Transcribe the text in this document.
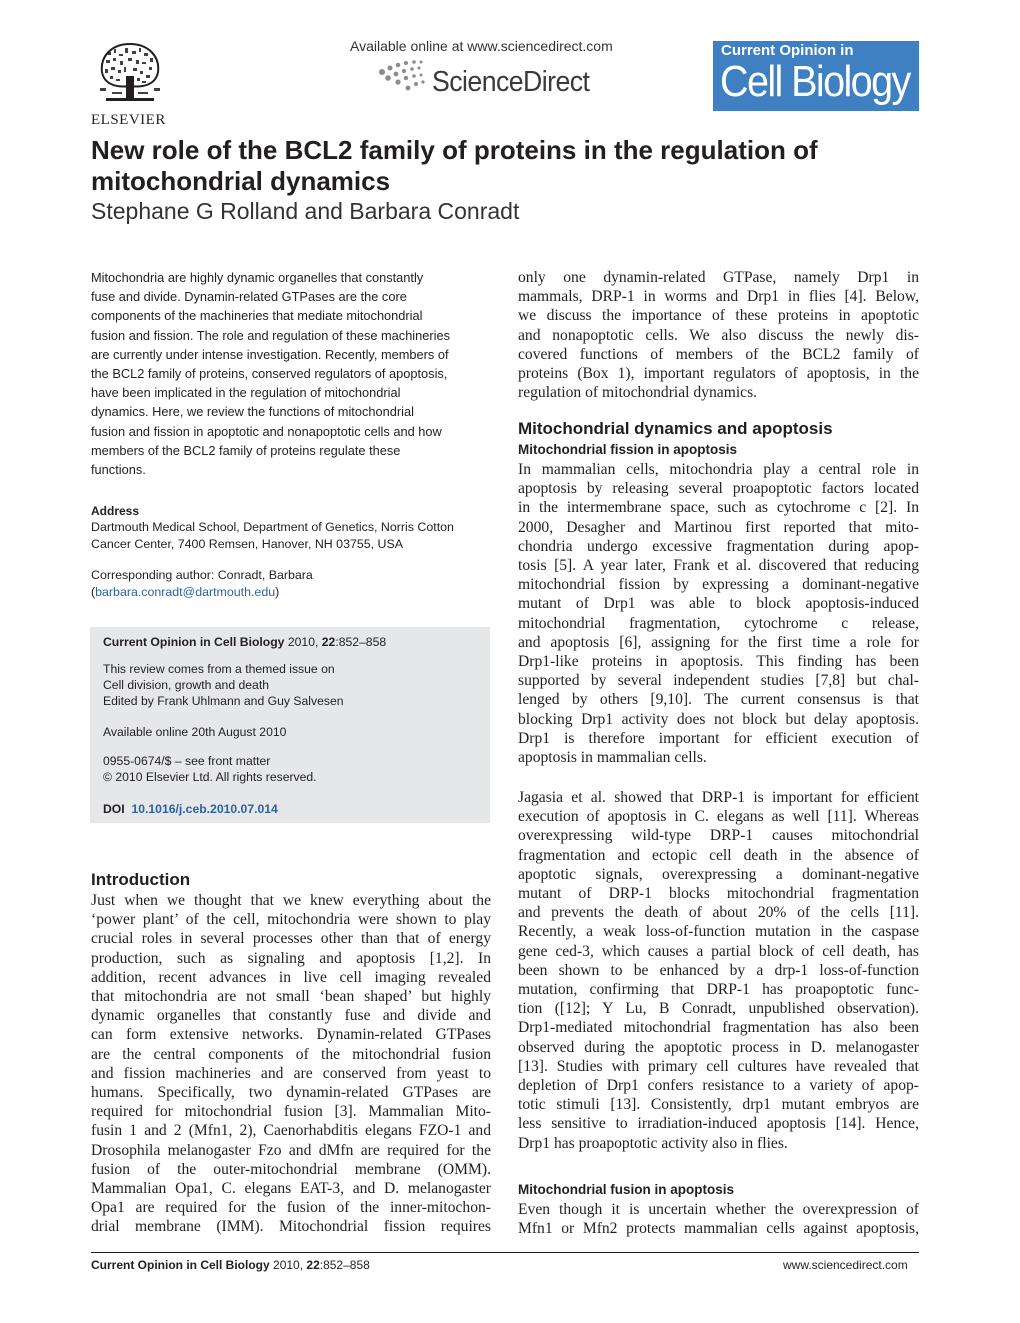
ELSEVIER
Available online at www.sciencedirect.com
ScienceDirect
Current Opinion in
Cell Biology
New role of the BCL2 family of proteins in the regulation of mitochondrial dynamics
Stephane G Rolland and Barbara Conradt
Mitochondria are highly dynamic organelles that constantly
fuse and divide. Dynamin-related GTPases are the core
components of the machineries that mediate mitochondrial
fusion and fission. The role and regulation of these machineries
are currently under intense investigation. Recently, members of
the BCL2 family of proteins, conserved regulators of apoptosis,
have been implicated in the regulation of mitochondrial
dynamics. Here, we review the functions of mitochondrial
fusion and fission in apoptotic and nonapoptotic cells and how
members of the BCL2 family of proteins regulate these
functions.
Address
Dartmouth Medical School, Department of Genetics, Norris Cotton
Cancer Center, 7400 Remsen, Hanover, NH 03755, USA
Corresponding author: Conradt, Barbara
(barbara.conradt@dartmouth.edu)
Current Opinion in Cell Biology 2010, 22:852–858
This review comes from a themed issue on
Cell division, growth and death
Edited by Frank Uhlmann and Guy Salvesen
Available online 20th August 2010
0955-0674/$ – see front matter
© 2010 Elsevier Ltd. All rights reserved.
DOI 10.1016/j.ceb.2010.07.014
Introduction
Just when we thought that we knew everything about the
‘power plant’ of the cell, mitochondria were shown to play
crucial roles in several processes other than that of energy
production, such as signaling and apoptosis [1,2]. In
addition, recent advances in live cell imaging revealed
that mitochondria are not small ‘bean shaped’ but highly
dynamic organelles that constantly fuse and divide and
can form extensive networks. Dynamin-related GTPases
are the central components of the mitochondrial fusion
and fission machineries and are conserved from yeast to
humans. Specifically, two dynamin-related GTPases are
required for mitochondrial fusion [3]. Mammalian Mito-
fusin 1 and 2 (Mfn1, 2), Caenorhabditis elegans FZO-1 and
Drosophila melanogaster Fzo and dMfn are required for the
fusion of the outer-mitochondrial membrane (OMM).
Mammalian Opa1, C. elegans EAT-3, and D. melanogaster
Opa1 are required for the fusion of the inner-mitochon-
drial membrane (IMM). Mitochondrial fission requires
only one dynamin-related GTPase, namely Drp1 in
mammals, DRP-1 in worms and Drp1 in flies [4]. Below,
we discuss the importance of these proteins in apoptotic
and nonapoptotic cells. We also discuss the newly dis-
covered functions of members of the BCL2 family of
proteins (Box 1), important regulators of apoptosis, in the
regulation of mitochondrial dynamics.
Mitochondrial dynamics and apoptosis
Mitochondrial fission in apoptosis
In mammalian cells, mitochondria play a central role in
apoptosis by releasing several proapoptotic factors located
in the intermembrane space, such as cytochrome c [2]. In
2000, Desagher and Martinou first reported that mito-
chondria undergo excessive fragmentation during apop-
tosis [5]. A year later, Frank et al. discovered that reducing
mitochondrial fission by expressing a dominant-negative
mutant of Drp1 was able to block apoptosis-induced
mitochondrial fragmentation, cytochrome c release,
and apoptosis [6], assigning for the first time a role for
Drp1-like proteins in apoptosis. This finding has been
supported by several independent studies [7,8] but chal-
lenged by others [9,10]. The current consensus is that
blocking Drp1 activity does not block but delay apoptosis.
Drp1 is therefore important for efficient execution of
apoptosis in mammalian cells.
Jagasia et al. showed that DRP-1 is important for efficient
execution of apoptosis in C. elegans as well [11]. Whereas
overexpressing wild-type DRP-1 causes mitochondrial
fragmentation and ectopic cell death in the absence of
apoptotic signals, overexpressing a dominant-negative
mutant of DRP-1 blocks mitochondrial fragmentation
and prevents the death of about 20% of the cells [11].
Recently, a weak loss-of-function mutation in the caspase
gene ced-3, which causes a partial block of cell death, has
been shown to be enhanced by a drp-1 loss-of-function
mutation, confirming that DRP-1 has proapoptotic func-
tion ([12]; Y Lu, B Conradt, unpublished observation).
Drp1-mediated mitochondrial fragmentation has also been
observed during the apoptotic process in D. melanogaster
[13]. Studies with primary cell cultures have revealed that
depletion of Drp1 confers resistance to a variety of apop-
totic stimuli [13]. Consistently, drp1 mutant embryos are
less sensitive to irradiation-induced apoptosis [14]. Hence,
Drp1 has proapoptotic activity also in flies.
Mitochondrial fusion in apoptosis
Even though it is uncertain whether the overexpression of
Mfn1 or Mfn2 protects mammalian cells against apoptosis,
Current Opinion in Cell Biology 2010, 22:852–858	www.sciencedirect.com
